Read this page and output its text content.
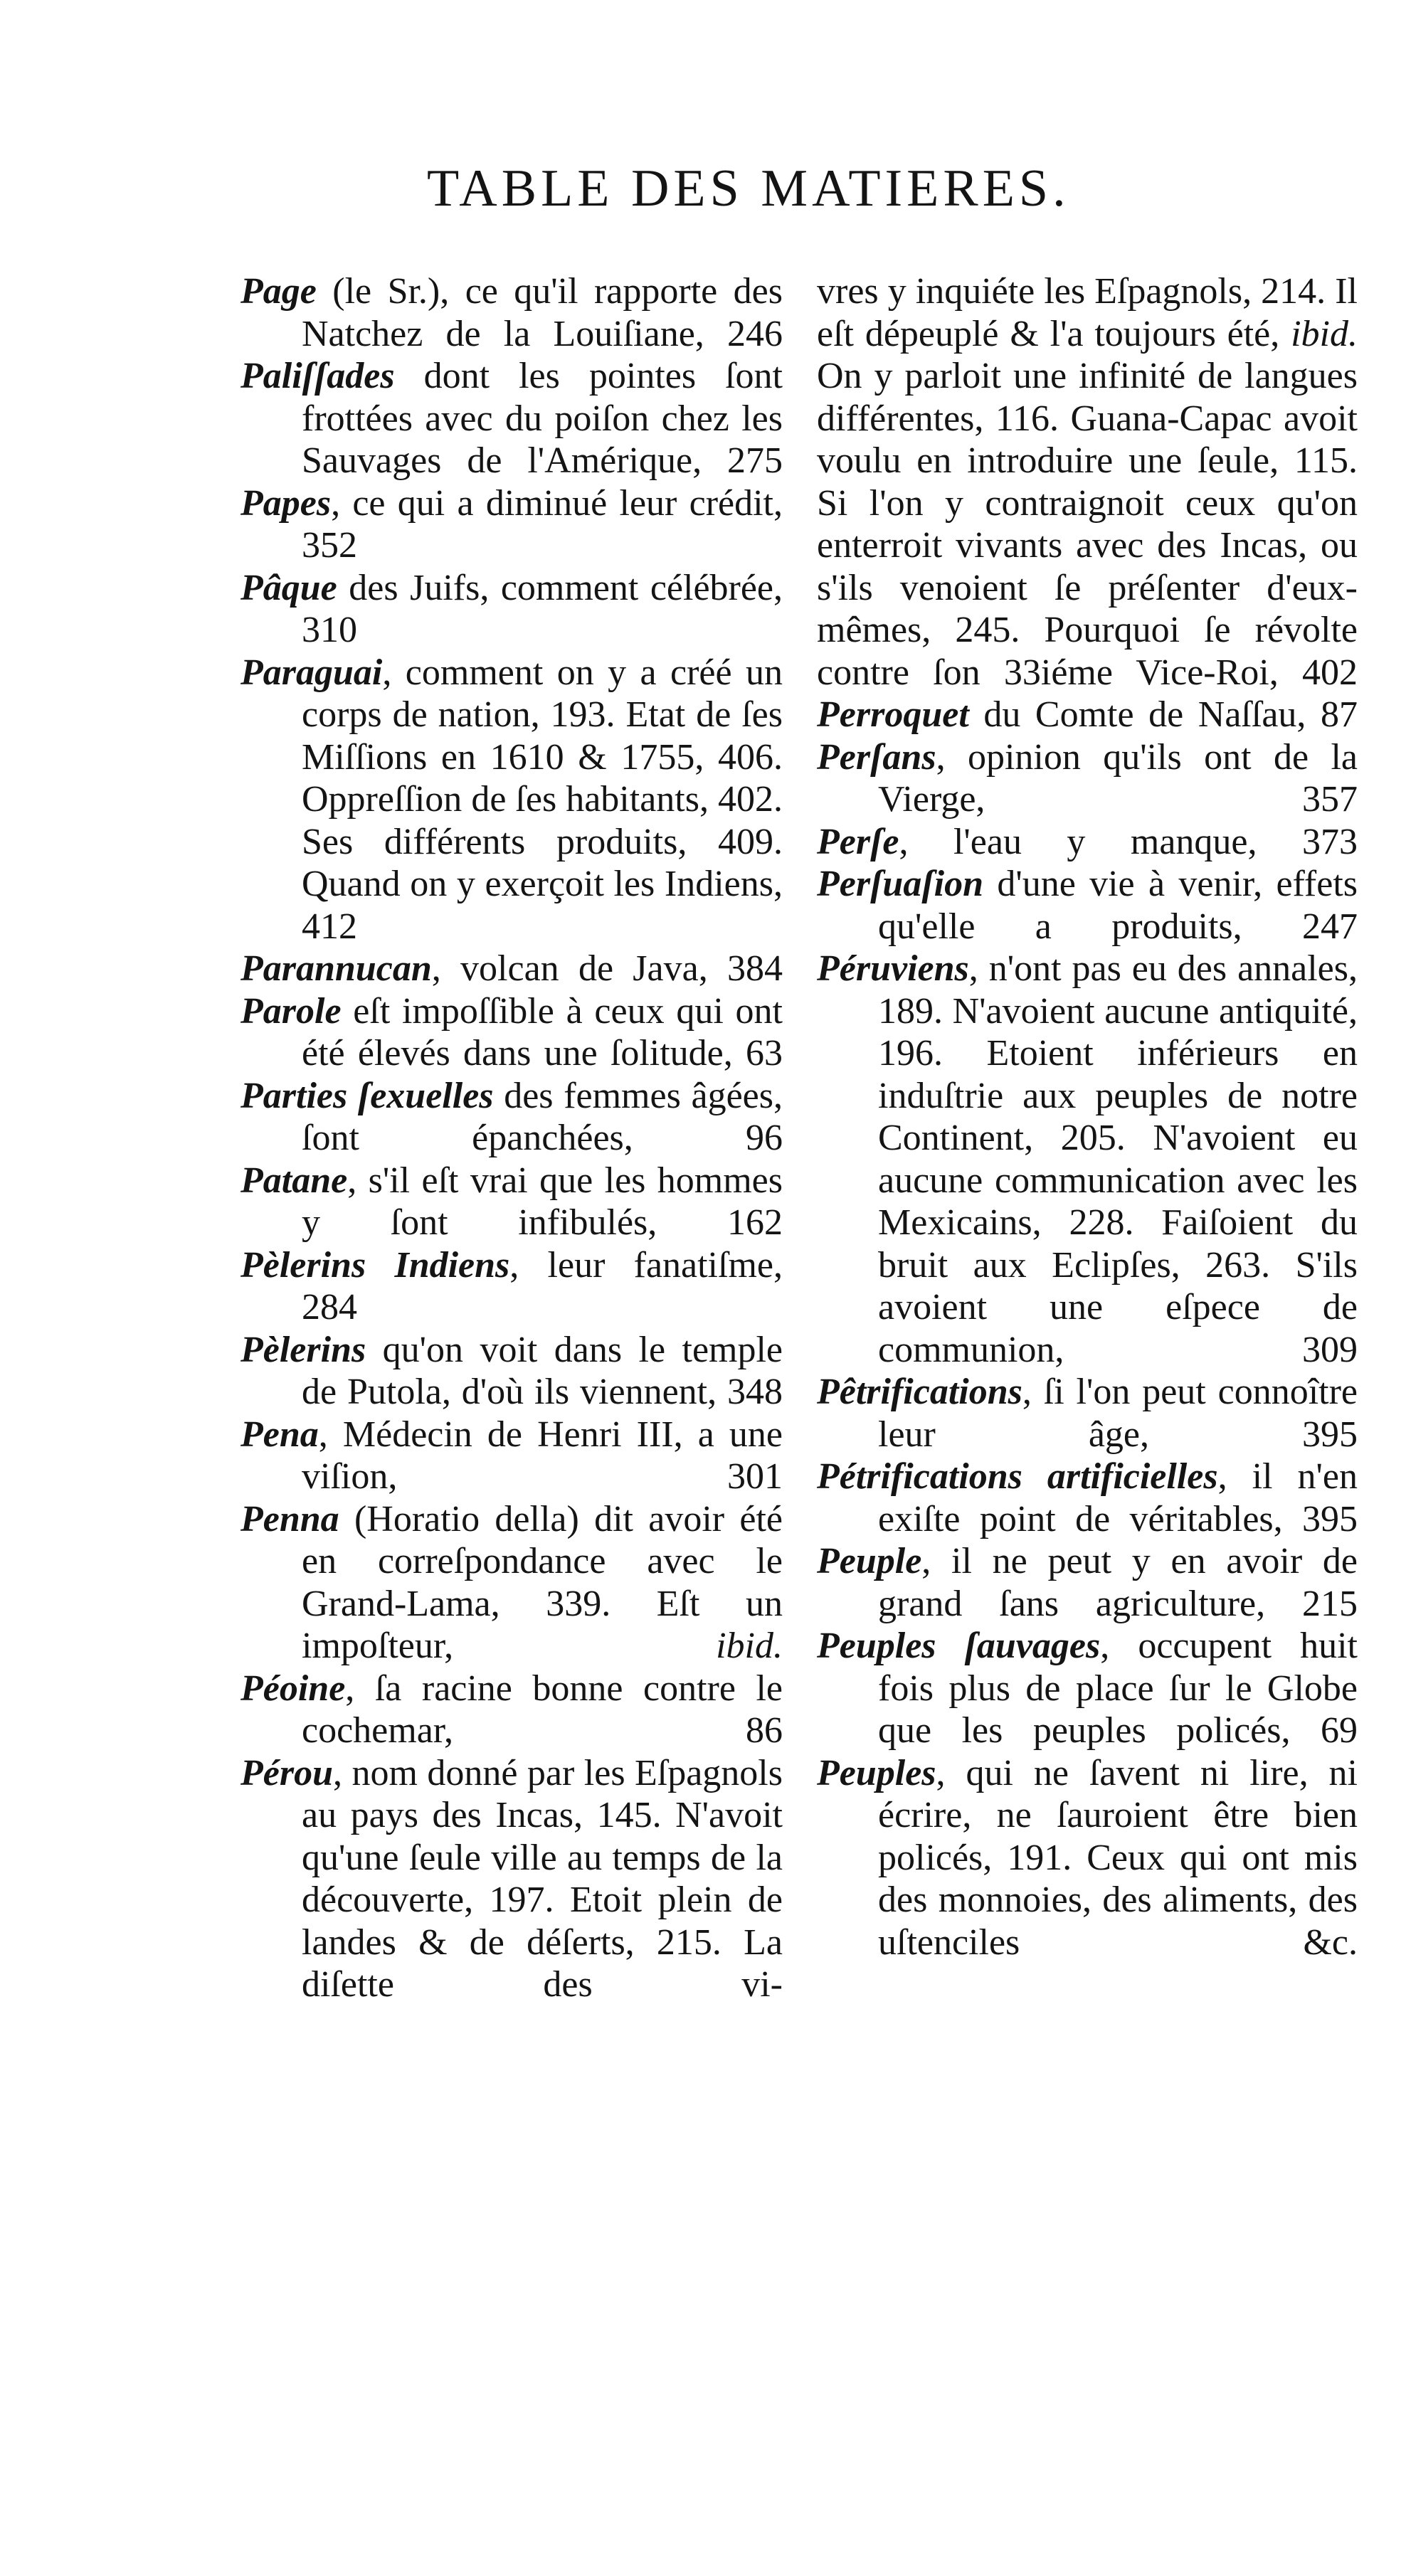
TABLE DES MATIERES.

Page (le Sr.), ce qu'il rapporte des Natchez de la Louiſiane, 246

Paliſſades dont les pointes ſont frottées avec du poiſon chez les Sauvages de l'Amérique, 275

Papes, ce qui a diminué leur crédit, 352

Pâque des Juifs, comment célébrée, 310

Paraguai, comment on y a créé un corps de nation, 193. Etat de ſes Miſſions en 1610 & 1755, 406. Oppreſſion de ſes habitants, 402. Ses différents produits, 409. Quand on y exerçoit les Indiens, 412

Parannucan, volcan de Java, 384

Parole eſt impoſſible à ceux qui ont été élevés dans une ſolitude, 63

Parties ſexuelles des femmes âgées, ſont épanchées, 96

Patane, s'il eſt vrai que les hommes y ſont infibulés, 162

Pèlerins Indiens, leur fanatiſme, 284

Pèlerins qu'on voit dans le temple de Putola, d'où ils viennent, 348

Pena, Médecin de Henri III, a une viſion, 301

Penna (Horatio della) dit avoir été en correſpondance avec le Grand-Lama, 339. Eſt un impoſteur, ibid.

Péoine, ſa racine bonne contre le cochemar, 86

Pérou, nom donné par les Eſpagnols au pays des Incas, 145. N'avoit qu'une ſeule ville au temps de la découverte, 197. Etoit plein de landes & de déſerts, 215. La diſette des vi-

vres y inquiéte les Eſpagnols, 214. Il eſt dépeuplé & l'a toujours été, ibid. On y parloit une infinité de langues différentes, 116. Guana-Capac avoit voulu en introduire une ſeule, 115. Si l'on y contraignoit ceux qu'on enterroit vivants avec des Incas, ou s'ils venoient ſe préſenter d'eux-mêmes, 245. Pourquoi ſe révolte contre ſon 33iéme Vice-Roi, 402

Perroquet du Comte de Naſſau, 87

Perſans, opinion qu'ils ont de la Vierge, 357

Perſe, l'eau y manque, 373

Perſuaſion d'une vie à venir, effets qu'elle a produits, 247

Péruviens, n'ont pas eu des annales, 189. N'avoient aucune antiquité, 196. Etoient inférieurs en induſtrie aux peuples de notre Continent, 205. N'avoient eu aucune communication avec les Mexicains, 228. Faiſoient du bruit aux Eclipſes, 263. S'ils avoient une eſpece de communion, 309

Pêtrifications, ſi l'on peut connoître leur âge, 395

Pétrifications artificielles, il n'en exiſte point de véritables, 395

Peuple, il ne peut y en avoir de grand ſans agriculture, 215

Peuples ſauvages, occupent huit fois plus de place ſur le Globe que les peuples policés, 69

Peuples, qui ne ſavent ni lire, ni écrire, ne ſauroient être bien policés, 191. Ceux qui ont mis des monnoies, des aliments, des uſtenciles &c.
